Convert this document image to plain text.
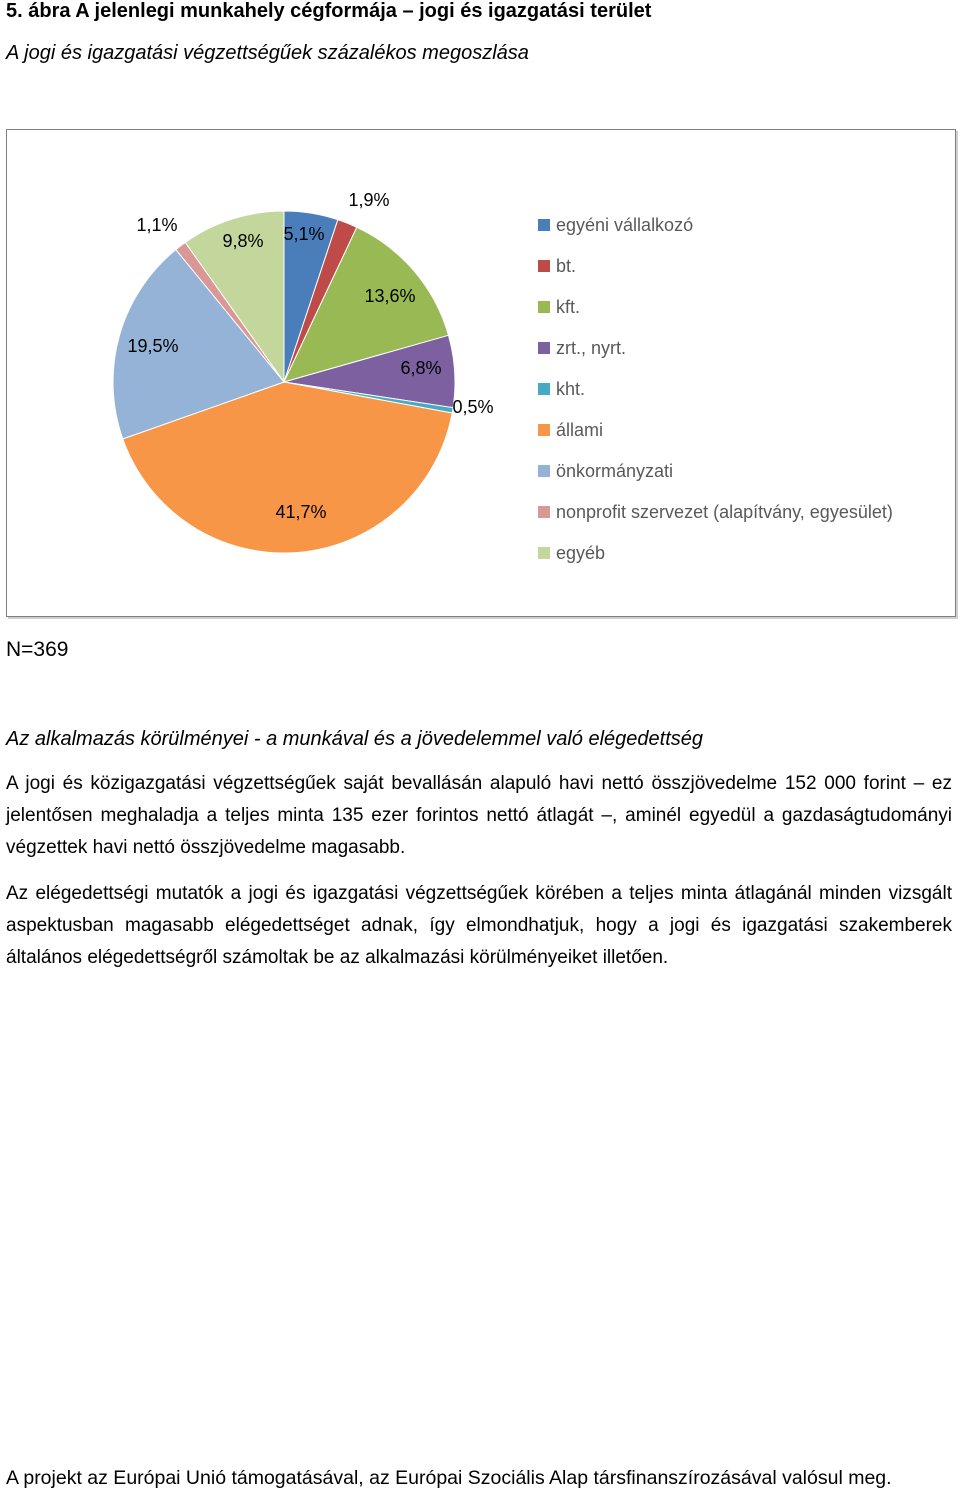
5. ábra A jelenlegi munkahely cégformája – jogi és igazgatási terület
A jogi és igazgatási végzettségűek százalékos megoszlása
5,1%
1,9%
13,6%
6,8%
0,5%
41,7%
19,5%
1,1%
9,8%
egyéni vállalkozó
bt.
kft.
zrt., nyrt.
kht.
állami
önkormányzati
nonprofit szervezet (alapítvány, egyesület)
egyéb
N=369
Az alkalmazás körülményei - a munkával és a jövedelemmel való elégedettség
A jogi és közigazgatási végzettségűek saját bevallásán alapuló havi nettó összjövedelme 152 000 forint – ez jelentősen meghaladja a teljes minta 135 ezer forintos nettó átlagát –, aminél egyedül a gazdaságtudományi végzettek havi nettó összjövedelme magasabb.
Az elégedettségi mutatók a jogi és igazgatási végzettségűek körében a teljes minta átlagánál minden vizsgált aspektusban magasabb elégedettséget adnak, így elmondhatjuk, hogy a jogi és igazgatási szakemberek általános elégedettségről számoltak be az alkalmazási körülményeiket illetően.
A projekt az Európai Unió támogatásával, az Európai Szociális Alap társfinanszírozásával valósul meg.
